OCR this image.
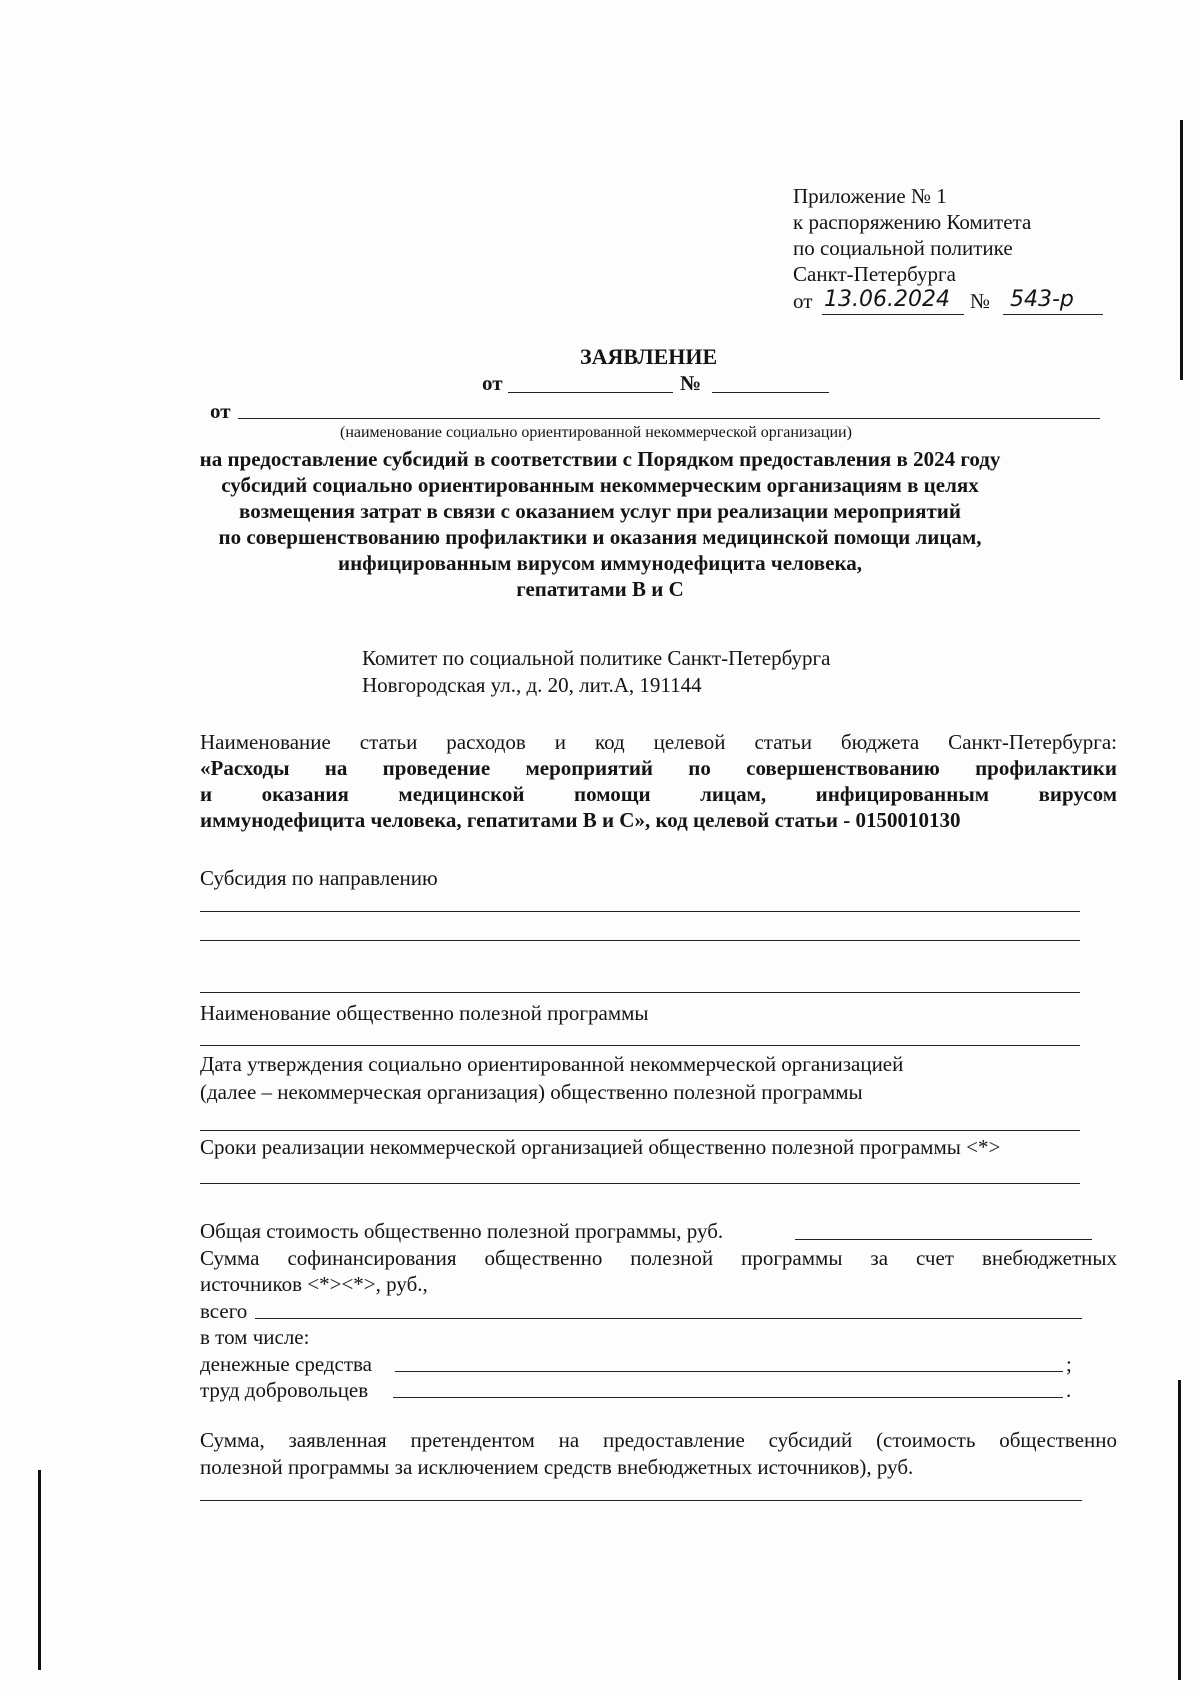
Приложение № 1
к распоряжению Комитета
по социальной политике
Санкт-Петербурга
от 13.06.2024 № 543-р
ЗАЯВЛЕНИЕ
от	№
от
(наименование социально ориентированной некоммерческой организации)
на предоставление субсидий в соответствии с Порядком предоставления в 2024 году
субсидий социально ориентированным некоммерческим организациям в целях
возмещения затрат в связи с оказанием услуг при реализации мероприятий
по совершенствованию профилактики и оказания медицинской помощи лицам,
инфицированным вирусом иммунодефицита человека,
гепатитами В и С
Комитет по социальной политике Санкт-Петербурга
Новгородская ул., д. 20, лит.А, 191144
Наименование статьи расходов и код целевой статьи бюджета Санкт-Петербурга:
«Расходы на проведение мероприятий по совершенствованию профилактики
и оказания медицинской помощи лицам, инфицированным вирусом
иммунодефицита человека, гепатитами В и С», код целевой статьи - 0150010130
Субсидия по направлению
Наименование общественно полезной программы
Дата утверждения социально ориентированной некоммерческой организацией
(далее – некоммерческая организация) общественно полезной программы
Сроки реализации некоммерческой организацией общественно полезной программы <*>
Общая стоимость общественно полезной программы, руб.
Сумма софинансирования общественно полезной программы за счет внебюджетных
источников <*><*>, руб.,
всего
в том числе:
денежные средства	;
труд добровольцев	.
Сумма, заявленная претендентом на предоставление субсидий (стоимость общественно
полезной программы за исключением средств внебюджетных источников), руб.
